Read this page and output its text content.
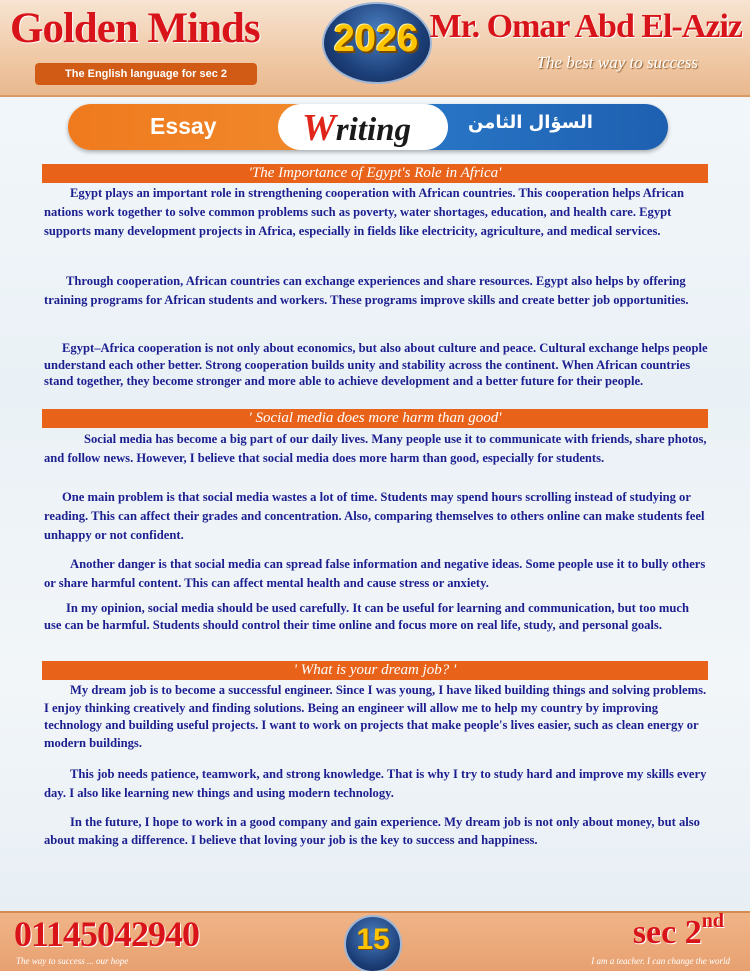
Golden Minds
The English language for sec 2
2026 Mr. Omar Abd El-Aziz
The best way to success
Essay Writing	السؤال الثامن
'The Importance of Egypt's Role in Africa'

Egypt plays an important role in strengthening cooperation with African countries. This cooperation helps African nations work together to solve common problems such as poverty, water shortages, education, and health care. Egypt supports many development projects in Africa, especially in fields like electricity, agriculture, and medical services.

Through cooperation, African countries can exchange experiences and share resources. Egypt also helps by offering training programs for African students and workers. These programs improve skills and create better job opportunities.

Egypt–Africa cooperation is not only about economics, but also about culture and peace. Cultural exchange helps people understand each other better. Strong cooperation builds unity and stability across the continent. When African countries stand together, they become stronger and more able to achieve development and a better future for their people.

' Social media does more harm than good'

Social media has become a big part of our daily lives. Many people use it to communicate with friends, share photos, and follow news. However, I believe that social media does more harm than good, especially for students.

One main problem is that social media wastes a lot of time. Students may spend hours scrolling instead of studying or reading. This can affect their grades and concentration. Also, comparing themselves to others online can make students feel unhappy or not confident.

Another danger is that social media can spread false information and negative ideas. Some people use it to bully others or share harmful content. This can affect mental health and cause stress or anxiety.

In my opinion, social media should be used carefully. It can be useful for learning and communication, but too much use can be harmful. Students should control their time online and focus more on real life, study, and personal goals.

' What is your dream job? '

My dream job is to become a successful engineer. Since I was young, I have liked building things and solving problems. I enjoy thinking creatively and finding solutions. Being an engineer will allow me to help my country by improving technology and building useful projects. I want to work on projects that make people's lives easier, such as clean energy or modern buildings.

This job needs patience, teamwork, and strong knowledge. That is why I try to study hard and improve my skills every day. I also like learning new things and using modern technology.

In the future, I hope to work in a good company and gain experience. My dream job is not only about money, but also about making a difference. I believe that loving your job is the key to success and happiness.

01145042940
The way to success ... our hope
15	sec 2nd
I am a teacher. I can change the world
